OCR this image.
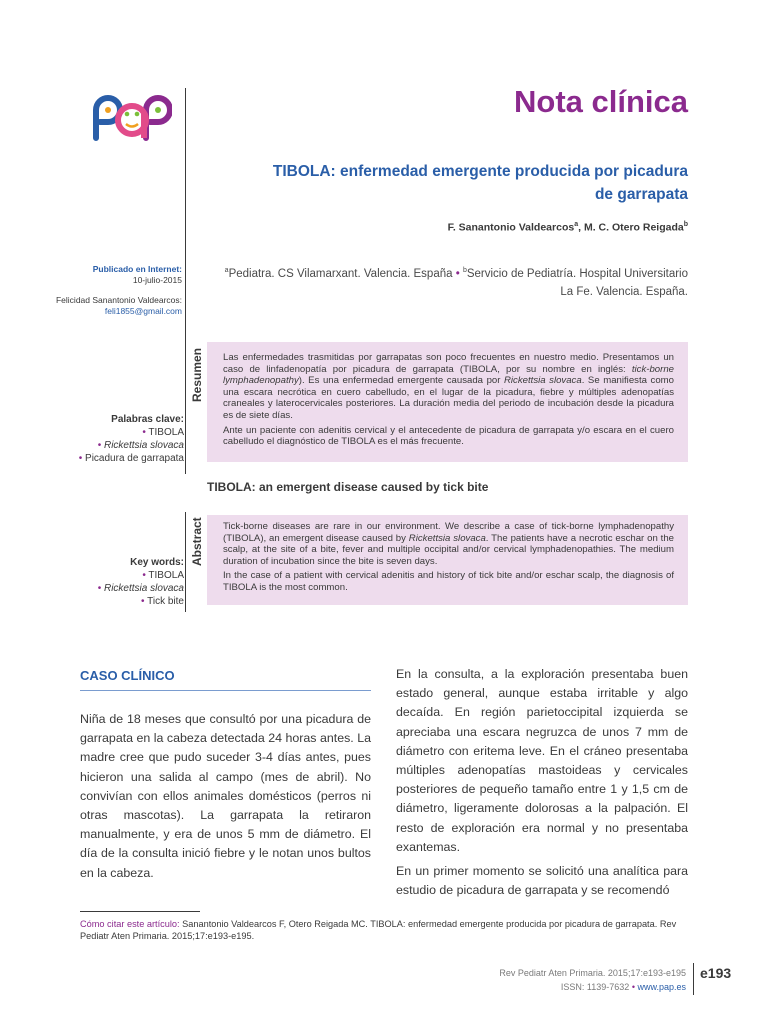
Nota clínica
TIBOLA: enfermedad emergente producida por picadura de garrapata
F. Sanantonio Valdearcos$^a$, M. C. Otero Reigada$^b$
$^a$Pediatra. CS Vilamarxant. Valencia. España • $^b$Servicio de Pediatría. Hospital Universitario La Fe. Valencia. España.
Publicado en Internet:
10-julio-2015
Felicidad Sanantonio Valdearcos:
feli1855@gmail.com

Las enfermedades trasmitidas por garrapatas son poco frecuentes en nuestro medio. Presentamos un caso de linfadenopatía por picadura de garrapata (TIBOLA, por su nombre en inglés: tick-borne lymphadenopathy). Es una enfermedad emergente causada por Rickettsia slovaca. Se manifiesta como una escara necrótica en cuero cabelludo, en el lugar de la picadura, fiebre y múltiples adenopatías craneales y laterocervicales posteriores. La duración media del periodo de incubación desde la picadura es de siete días.

Ante un paciente con adenitis cervical y el antecedente de picadura de garrapata y/o escara en el cuero cabelludo el diagnóstico de TIBOLA es el más frecuente.

Resumen
Palabras clave:
• TIBOLA
• Rickettsia slovaca
• Picadura de garrapata
TIBOLA: an emergent disease caused by tick bite

Tick-borne diseases are rare in our environment. We describe a case of tick-borne lymphadenopathy (TIBOLA), an emergent disease caused by Rickettsia slovaca. The patients have a necrotic eschar on the scalp, at the site of a bite, fever and multiple occipital and/or cervical lymphadenopathies. The medium duration of incubation since the bite is seven days.

In the case of a patient with cervical adenitis and history of tick bite and/or eschar scalp, the diagnosis of TIBOLA is the most common.

Abstract
Key words:
• TIBOLA
• Rickettsia slovaca
• Tick bite
CASO CLÍNICO

Niña de 18 meses que consultó por una picadura de garrapata en la cabeza detectada 24 horas antes. La madre cree que pudo suceder 3-4 días antes, pues hicieron una salida al campo (mes de abril). No convivían con ellos animales domésticos (perros ni otras mascotas). La garrapata la retiraron manualmente, y era de unos 5 mm de diámetro. El día de la consulta inició fiebre y le notan unos bultos en la cabeza.

En la consulta, a la exploración presentaba buen estado general, aunque estaba irritable y algo decaída. En región parietoccipital izquierda se apreciaba una escara negruzca de unos 7 mm de diámetro con eritema leve. En el cráneo presentaba múltiples adenopatías mastoideas y cervicales posteriores de pequeño tamaño entre 1 y 1,5 cm de diámetro, ligeramente dolorosas a la palpación. El resto de exploración era normal y no presentaba exantemas.

En un primer momento se solicitó una analítica para estudio de picadura de garrapata y se recomendó

Cómo citar este artículo: Sanantonio Valdearcos F, Otero Reigada MC. TIBOLA: enfermedad emergente producida por picadura de garrapata. Rev Pediatr Aten Primaria. 2015;17:e193-e195.
Rev Pediatr Aten Primaria. 2015;17:e193-e195
ISSN: 1139-7632 • www.pap.es
e193
